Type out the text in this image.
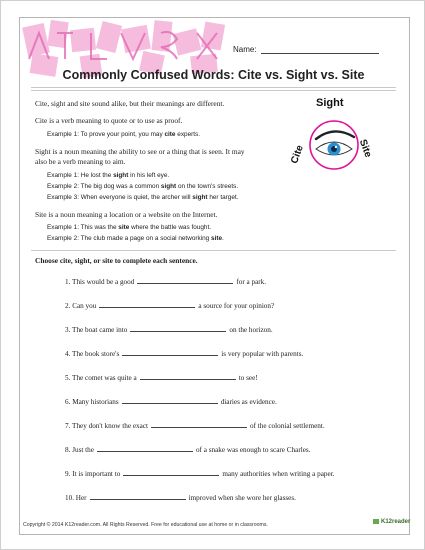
Name:
Commonly Confused Words: Cite vs. Sight vs. Site
Cite, sight and site sound alike, but their meanings are different.
Cite is a verb meaning to quote or to use as proof.
Example 1: To prove your point, you may cite experts.
Sight is a noun meaning the ability to see or a thing that is seen. It may
also be a verb meaning to aim.
Example 1: He lost the sight in his left eye.
Example 2: The big dog was a common sight on the town's streets.
Example 3: When everyone is quiet, the archer will sight her target.
Site is a noun meaning a location or a website on the Internet.
Example 1: This was the site where the battle was fought.
Example 2: The club made a page on a social networking site.
Sight
Cite	Site
Choose cite, sight, or site to complete each sentence.
1. This would be a good	for a park.
2. Can you	a source for your opinion?
3. The boat came into	on the horizon.
4. The book store's	is very popular with parents.
5. The comet was quite a	to see!
6. Many historians	diaries as evidence.
7. They don't know the exact	of the colonial settlement.
8. Just the	of a snake was enough to scare Charles.
9. It is important to	many authorities when writing a paper.
10. Her	improved when she wore her glasses.
Copyright © 2014 K12reader.com. All Rights Reserved. Free for educational use at home or in classrooms.	K12reader
